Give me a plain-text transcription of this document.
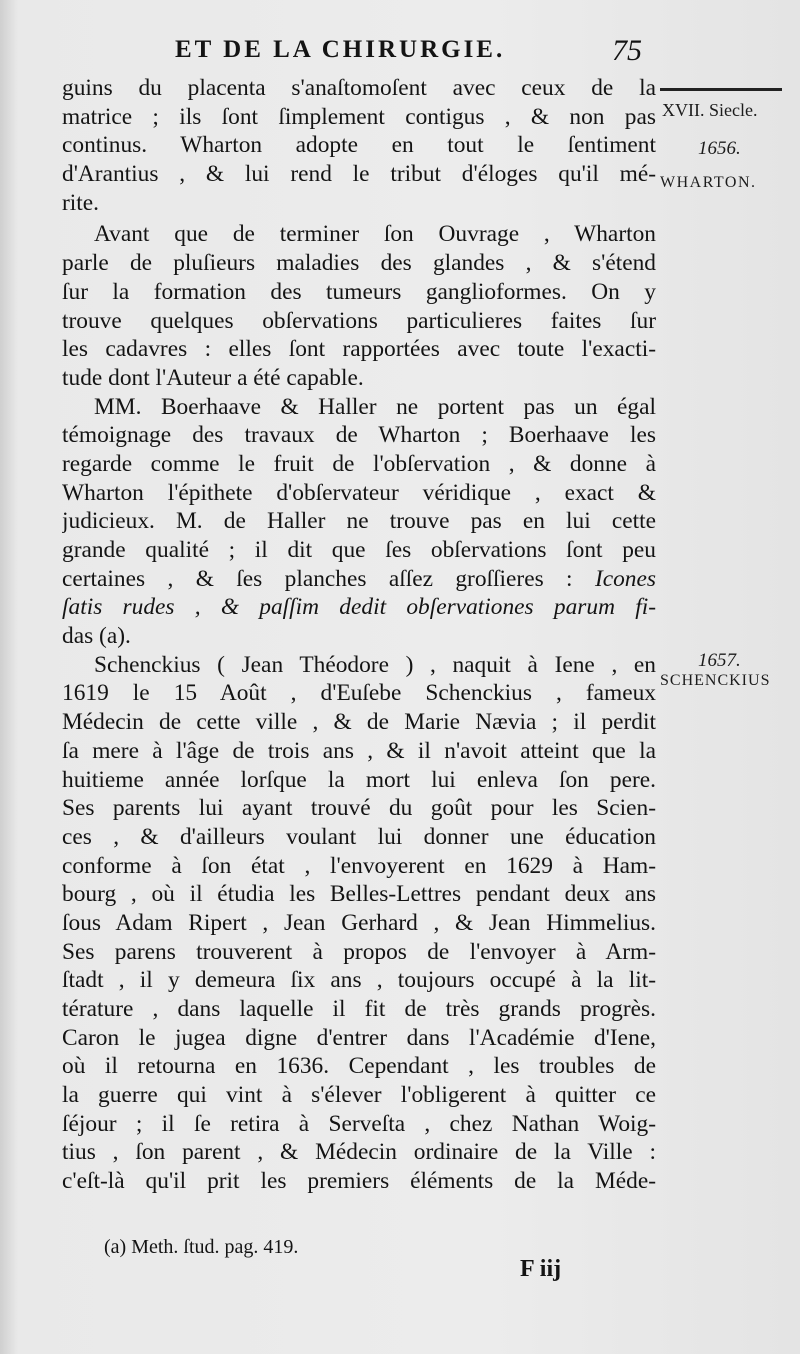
ET DE LA CHIRURGIE.	75
XVII. Siecle.
1656.
WHARTON.
1657.
SCHENCKIUS
guins du placenta s'anaſtomoſent avec ceux de la
matrice ; ils ſont ſimplement contigus , & non pas
continus. Wharton adopte en tout le ſentiment
d'Arantius , & lui rend le tribut d'éloges qu'il mé-
rite.
Avant que de terminer ſon Ouvrage , Wharton
parle de pluſieurs maladies des glandes , & s'étend
ſur la formation des tumeurs ganglioformes. On y
trouve quelques obſervations particulieres faites ſur
les cadavres : elles ſont rapportées avec toute l'exacti-
tude dont l'Auteur a été capable.
MM. Boerhaave & Haller ne portent pas un égal
témoignage des travaux de Wharton ; Boerhaave les
regarde comme le fruit de l'obſervation , & donne à
Wharton l'épithete d'obſervateur véridique , exact &
judicieux. M. de Haller ne trouve pas en lui cette
grande qualité ; il dit que ſes obſervations ſont peu
certaines , & ſes planches aſſez groſſieres : Icones
ſatis rudes , & paſſim dedit obſervationes parum fi-
das (a).
Schenckius ( Jean Théodore ) , naquit à Iene , en
1619 le 15 Août , d'Euſebe Schenckius , fameux
Médecin de cette ville , & de Marie Nævia ; il perdit
ſa mere à l'âge de trois ans , & il n'avoit atteint que la
huitieme année lorſque la mort lui enleva ſon pere.
Ses parents lui ayant trouvé du goût pour les Scien-
ces , & d'ailleurs voulant lui donner une éducation
conforme à ſon état , l'envoyerent en 1629 à Ham-
bourg , où il étudia les Belles-Lettres pendant deux ans
ſous Adam Ripert , Jean Gerhard , & Jean Himmelius.
Ses parens trouverent à propos de l'envoyer à Arm-
ſtadt , il y demeura ſix ans , toujours occupé à la lit-
térature , dans laquelle il fit de très grands progrès.
Caron le jugea digne d'entrer dans l'Académie d'Iene,
où il retourna en 1636. Cependant , les troubles de
la guerre qui vint à s'élever l'obligerent à quitter ce
ſéjour ; il ſe retira à Serveſta , chez Nathan Woig-
tius , ſon parent , & Médecin ordinaire de la Ville :
c'eſt-là qu'il prit les premiers éléments de la Méde-
(a) Meth. ſtud. pag. 419.
F iij
